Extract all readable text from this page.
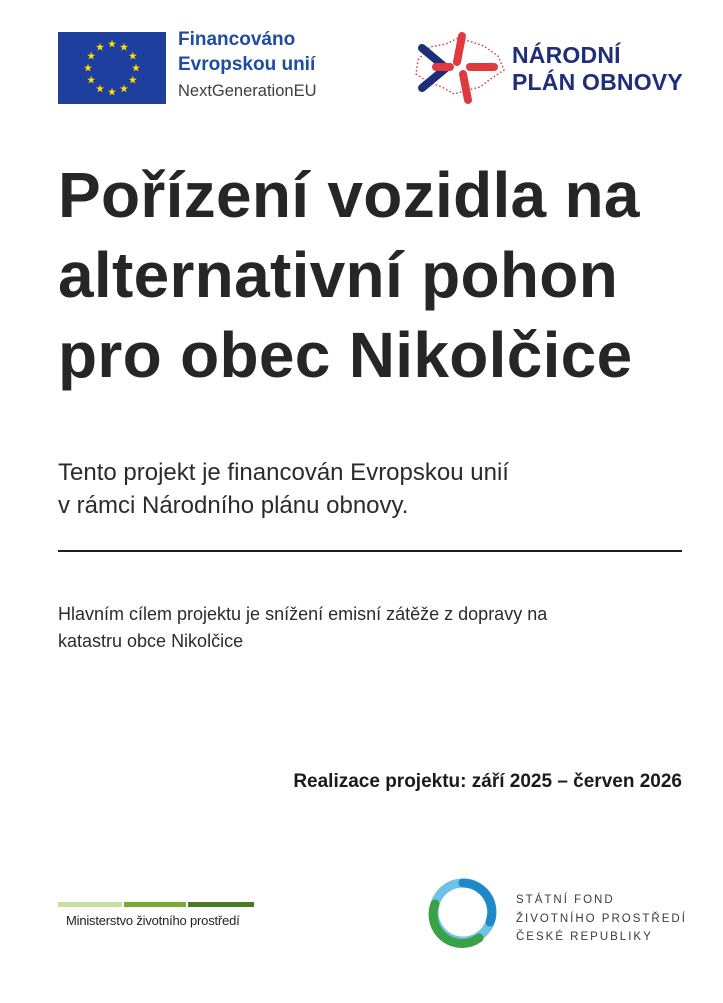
Financováno
Evropskou unií
NextGenerationEU
NÁRODNÍ
PLÁN OBNOVY
Pořízení vozidla na
alternativní pohon
pro obec Nikolčice
Tento projekt je financován Evropskou unií
v rámci Národního plánu obnovy.
Hlavním cílem projektu je snížení emisní zátěže z dopravy na
katastru obce Nikolčice
Realizace projektu: září 2025 – červen 2026
Ministerstvo životního prostředí
STÁTNÍ FOND
ŽIVOTNÍHO PROSTŘEDÍ
ČESKÉ REPUBLIKY
